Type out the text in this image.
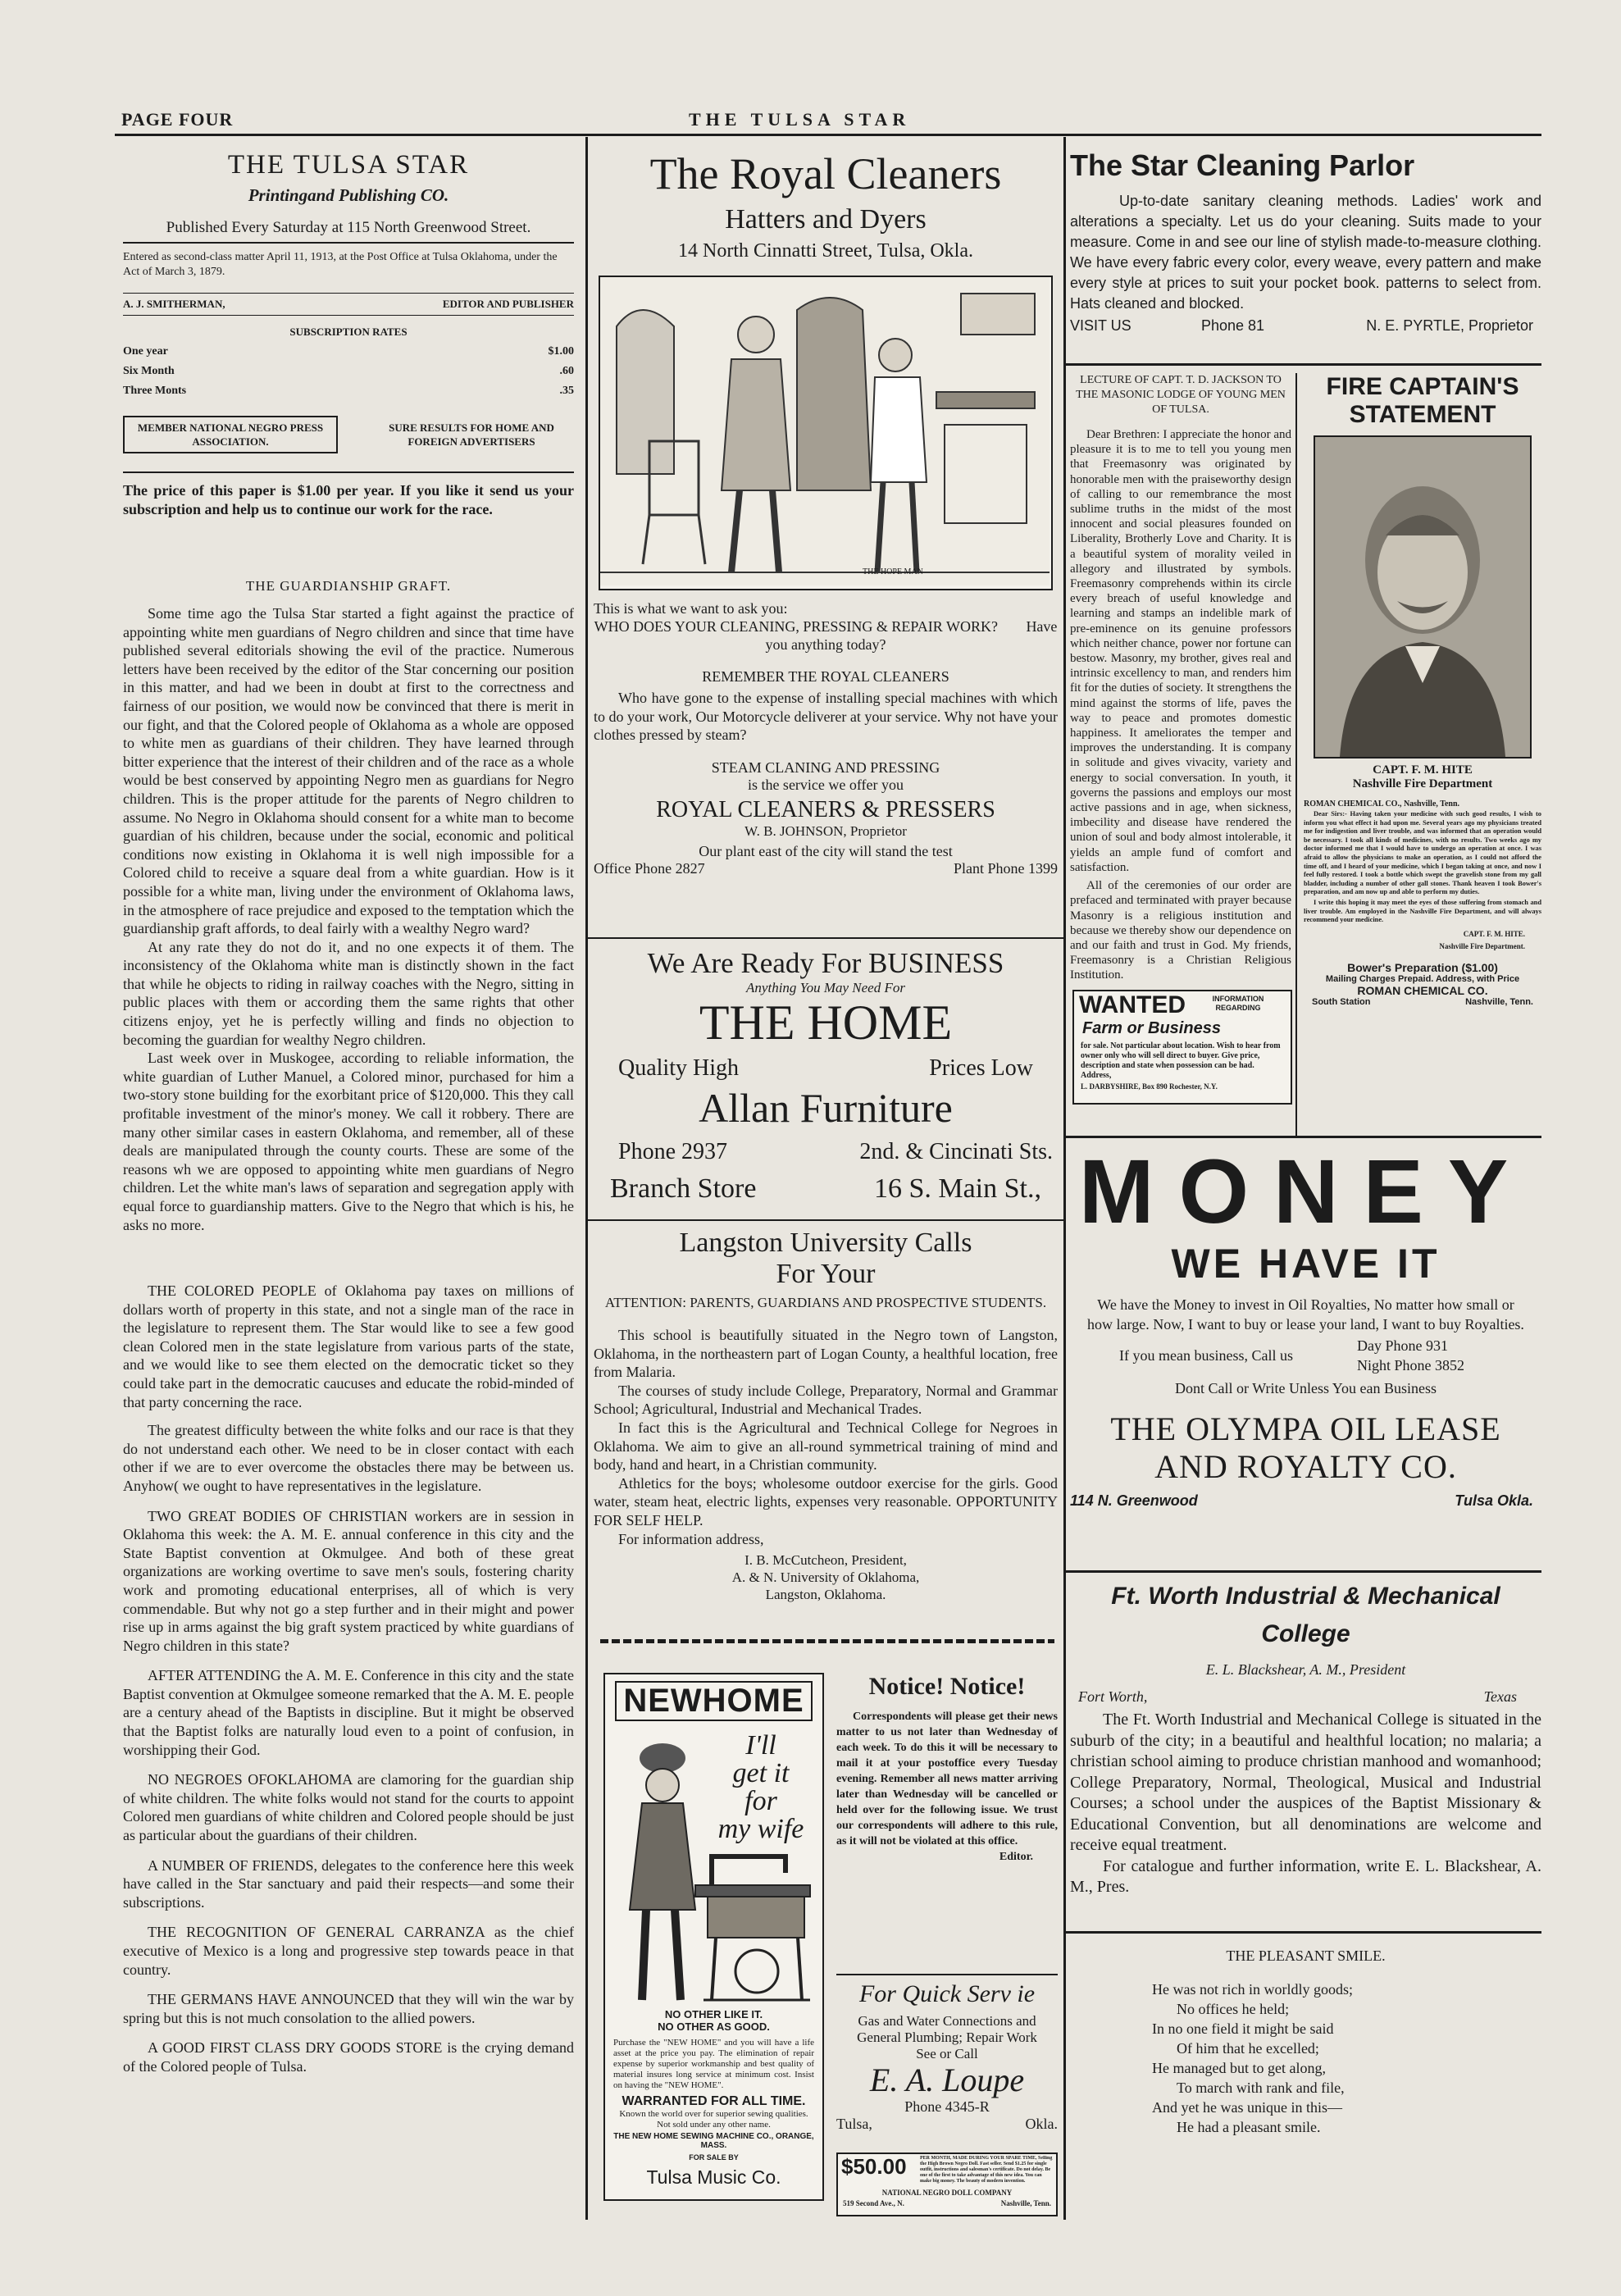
PAGE FOUR	THE TULSA STAR
THE TULSA STAR
Printingand Publishing CO.
Published Every Saturday at 115 North Greenwood Street.
Entered as second-class matter April 11, 1913, at the Post Office at Tulsa Oklahoma, under the Act of March 3, 1879.
A. J. SMITHERMAN,	EDITOR AND PUBLISHER
SUBSCRIPTION RATES
One year	$1.00
Six Month	.60
Three Monts	.35
MEMBER NATIONAL NEGRO PRESS ASSOCIATION.
SURE RESULTS FOR HOME AND FOREIGN ADVERTISERS
The price of this paper is $1.00 per year. If you like it send us your subscription and help us to continue our work for the race.
THE GUARDIANSHIP GRAFT.

Some time ago the Tulsa Star started a fight against the practice of appointing white men guardians of Negro children and since that time have published several editorials showing the evil of the practice. Numerous letters have been received by the editor of the Star concerning our position in this matter, and had we been in doubt at first to the correctness and fairness of our position, we would now be convinced that there is merit in our fight, and that the Colored people of Oklahoma as a whole are opposed to white men as guardians of their children. They have learned through bitter experience that the interest of their children and of the race as a whole would be best conserved by appointing Negro men as guardians for Negro children. This is the proper attitude for the parents of Negro children to assume. No Negro in Oklahoma should consent for a white man to become guardian of his children, because under the social, economic and political conditions now existing in Oklahoma it is well nigh impossible for a Colored child to receive a square deal from a white guardian. How is it possible for a white man, living under the environment of Oklahoma laws, in the atmosphere of race prejudice and exposed to the temptation which the guardianship graft affords, to deal fairly with a wealthy Negro ward?

At any rate they do not do it, and no one expects it of them. The inconsistency of the Oklahoma white man is distinctly shown in the fact that while he objects to riding in railway coaches with the Negro, sitting in public places with them or according them the same rights that other citizens enjoy, yet he is perfectly willing and finds no objection to becoming the guardian for wealthy Negro children.

Last week over in Muskogee, according to reliable information, the white guardian of Luther Manuel, a Colored minor, purchased for him a two-story stone building for the exorbitant price of $120,000. This they call profitable investment of the minor's money. We call it robbery. There are many other similar cases in eastern Oklahoma, and remember, all of these deals are manipulated through the county courts. These are some of the reasons wh we are opposed to appointing white men guardians of Negro children. Let the white man's laws of separation and segregation apply with equal force to guardianship matters. Give to the Negro that which is his, he asks no more.

THE COLORED PEOPLE of Oklahoma pay taxes on millions of dollars worth of property in this state, and not a single man of the race in the legislature to represent them. The Star would like to see a few good clean Colored men in the state legislature from various parts of the state, and we would like to see them elected on the democratic ticket so they could take part in the democratic caucuses and educate the robid-minded of that party concerning the race.

The greatest difficulty between the white folks and our race is that they do not understand each other. We need to be in closer contact with each other if we are to ever overcome the obstacles there may be between us. Anyhow( we ought to have representatives in the legislature.

TWO GREAT BODIES OF CHRISTIAN workers are in session in Oklahoma this week: the A. M. E. annual conference in this city and the State Baptist convention at Okmulgee. And both of these great organizations are working overtime to save men's souls, fostering charity work and promoting educational enterprises, all of which is very commendable. But why not go a step further and in their might and power rise up in arms against the big graft system practiced by white guardians of Negro children in this state?

AFTER ATTENDING the A. M. E. Conference in this city and the state Baptist convention at Okmulgee someone remarked that the A. M. E. people are a century ahead of the Baptists in discipline. But it might be observed that the Baptist folks are naturally loud even to a point of confusion, in worshipping their God.

NO NEGROES OFOKLAHOMA are clamoring for the guardian ship of white children. The white folks would not stand for the courts to appoint Colored men guardians of white children and Colored people should be just as particular about the guardians of their children.

A NUMBER OF FRIENDS, delegates to the conference here this week have called in the Star sanctuary and paid their respects—and some their subscriptions.

THE RECOGNITION OF GENERAL CARRANZA as the chief executive of Mexico is a long and progressive step towards peace in that country.

THE GERMANS HAVE ANNOUNCED that they will win the war by spring but this is not much consolation to the allied powers.

A GOOD FIRST CLASS DRY GOODS STORE is the crying demand of the Colored people of Tulsa.

The Royal Cleaners
Hatters and Dyers
14 North Cinnatti Street, Tulsa, Okla.
THE HOPE MAN
This is what we want to ask you:
WHO DOES YOUR CLEANING, PRESSING & REPAIR WORK? Have you anything today?
REMEMBER THE ROYAL CLEANERS

Who have gone to the expense of installing special machines with which to do your work, Our Motorcycle deliverer at your service. Why not have your clothes pressed by steam?

STEAM CLANING AND PRESSING
is the service we offer you
ROYAL CLEANERS & PRESSERS
W. B. JOHNSON, Proprietor
Our plant east of the city will stand the test
Office Phone 2827	Plant Phone 1399
We Are Ready For BUSINESS
Anything You May Need For
THE HOME
Quality High	Prices Low
Allan Furniture
Phone 2937	2nd. & Cincinati Sts.
Branch Store	16 S. Main St.,
Langston University Calls
For Your
ATTENTION: PARENTS, GUARDIANS AND PROSPECTIVE STUDENTS.

This school is beautifully situated in the Negro town of Langston, Oklahoma, in the northeastern part of Logan County, a healthful location, free from Malaria.

The courses of study include College, Preparatory, Normal and Grammar School; Agricultural, Industrial and Mechanical Trades.

In fact this is the Agricultural and Technical College for Negroes in Oklahoma. We aim to give an all-round symmetrical training of mind and body, hand and heart, in a Christian community.

Athletics for the boys; wholesome outdoor exercise for the girls. Good water, steam heat, electric lights, expenses very reasonable. OPPORTUNITY FOR SELF HELP.

For information address,

I. B. McCutcheon, President,
A. & N. University of Oklahoma,
Langston, Oklahoma.
NEWHOME
I'll
get it
for
my wife
NO OTHER LIKE IT.
NO OTHER AS GOOD.
Purchase the "NEW HOME" and you will have a life asset at the price you pay. The elimination of repair expense by superior workmanship and best quality of material insures long service at minimum cost. Insist on having the "NEW HOME".
WARRANTED FOR ALL TIME.
Known the world over for superior sewing qualities. Not sold under any other name.
THE NEW HOME SEWING MACHINE CO., ORANGE, MASS.
FOR SALE BY
Tulsa Music Co.
Notice! Notice!
Correspondents will please get their news matter to us not later than Wednesday of each week. To do this it will be necessary to mail it at your postoffice every Tuesday evening. Remember all news matter arriving later than Wednesday will be cancelled or held over for the following issue. We trust our correspondents will adhere to this rule, as it will not be violated at this office.
Editor.
For Quick Serv ie
Gas and Water Connections and
General Plumbing; Repair Work
See or Call
E. A. Loupe
Phone 4345-R
Tulsa,	Okla.
$50.00	PER MONTH, MADE DURING YOUR SPARE TIME, Selling the High Brown Negro Doll. Fast seller. Send $1.25 for single outfit, instructions and salesman's certificate. Do not delay. Be one of the first to take advantage of this new idea. You can make big money. The beauty of modern invention.
NATIONAL NEGRO DOLL COMPANY
519 Second Ave., N.	Nashville, Tenn.
The Star Cleaning Parlor

Up-to-date sanitary cleaning methods. Ladies' work and alterations a specialty. Let us do your cleaning. Suits made to your measure. Come in and see our line of stylish made-to-measure clothing. We have every fabric every color, every weave, every pattern and make every style at prices to suit your pocket book. patterns to select from. Hats cleaned and blocked.

VISIT US	Phone 81	N. E. PYRTLE, Proprietor
LECTURE OF CAPT. T. D. JACKSON TO THE MASONIC LODGE OF YOUNG MEN OF TULSA.

Dear Brethren: I appreciate the honor and pleasure it is to me to tell you young men that Freemasonry was originated by honorable men with the praiseworthy design of calling to our remembrance the most sublime truths in the midst of the most innocent and social pleasures founded on Liberality, Brotherly Love and Charity. It is a beautiful system of morality veiled in allegory and illustrated by symbols. Freemasonry comprehends within its circle every breach of useful knowledge and learning and stamps an indelible mark of pre-eminence on its genuine professors which neither chance, power nor fortune can bestow. Masonry, my brother, gives real and intrinsic excellency to man, and renders him fit for the duties of society. It strengthens the mind against the storms of life, paves the way to peace and promotes domestic happiness. It ameliorates the temper and improves the understanding. It is company in solitude and gives vivacity, variety and energy to social conversation. In youth, it governs the passions and employs our most active passions and in age, when sickness, imbecility and disease have rendered the union of soul and body almost intolerable, it yields an ample fund of comfort and satisfaction.

All of the ceremonies of our order are prefaced and terminated with prayer because Masonry is a religious institution and because we thereby show our dependence on and our faith and trust in God. My friends, Freemasonry is a Christian Religious Institution.

WANTED	INFORMATION REGARDING
Farm or Business
for sale. Not particular about location. Wish to hear from owner only who will sell direct to buyer. Give price, description and state when possession can be had. Address,
L. DARBYSHIRE, Box 890 Rochester, N.Y.
FIRE CAPTAIN'S
STATEMENT
CAPT. F. M. HITE
Nashville Fire Department
ROMAN CHEMICAL CO., Nashville, Tenn.
Dear Sirs:- Having taken your medicine with such good results, I wish to inform you what effect it had upon me. Several years ago my physicians treated me for indigestion and liver trouble, and was informed that an operation would be necessary. I took all kinds of medicines, with no results. Two weeks ago my doctor informed me that I would have to undergo an operation at once. I was afraid to allow the physicians to make an operation, as I could not afford the time off, and I heard of your medicine, which I began taking at once, and now I feel fully restored. I took a bottle which swept the gravelish stone from my gall bladder, including a number of other gall stones. Thank heaven I took Bower's preparation, and am now up and able to perform my duties.
I write this hoping it may meet the eyes of those suffering from stomach and liver trouble. Am employed in the Nashville Fire Department, and will always recommend your medicine.
CAPT. F. M. HITE.
Nashville Fire Department.
Bower's Preparation ($1.00)
Mailing Charges Prepaid. Address, with Price
ROMAN CHEMICAL CO.
South Station	Nashville, Tenn.
MONEY
WE HAVE IT
We have the Money to invest in Oil Royalties, No matter how small or how large. Now, I want to buy or lease your land, I want to buy Royalties.
If you mean business, Call us
Day Phone 931
Night Phone 3852
Dont Call or Write Unless You ean Business
THE OLYMPA OIL LEASE
AND ROYALTY CO.
114 N. Greenwood	Tulsa Okla.
Ft. Worth Industrial & Mechanical
College
E. L. Blackshear, A. M., President
Fort Worth,	Texas

The Ft. Worth Industrial and Mechanical College is situated in the suburb of the city; in a beautiful and healthful location; no malaria; a christian school aiming to produce christian manhood and womanhood; College Preparatory, Normal, Theological, Musical and Industrial Courses; a school under the auspices of the Baptist Missionary & Educational Convention, but all denominations are welcome and receive equal treatment.

For catalogue and further information, write E. L. Blackshear, A. M., Pres.

THE PLEASANT SMILE.
He was not rich in worldly goods;
No offices he held;
In no one field it might be said
Of him that he excelled;
He managed but to get along,
To march with rank and file,
And yet he was unique in this—
He had a pleasant smile.
